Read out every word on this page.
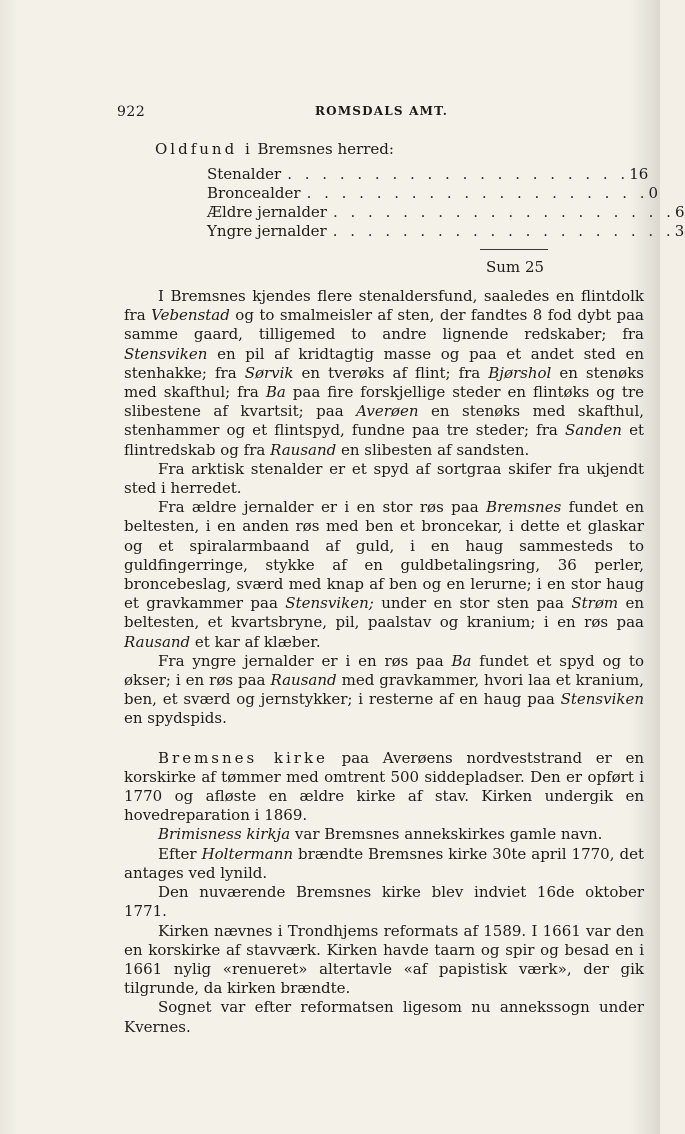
922	ROMSDALS AMT.
Oldfund i Bremsnes herred:
Stenalder . . . . . . . . . . . . . . . . . . . . 16
Broncealder . . . . . . . . . . . . . . . . . . . . 0
Ældre jernalder . . . . . . . . . . . . . . . . . . . . 6
Yngre jernalder . . . . . . . . . . . . . . . . . . . . 3
Sum 25

I Bremsnes kjendes flere stenaldersfund, saaledes en flintdolk fra Vebenstad og to smalmeisler af sten, der fandtes 8 fod dybt paa samme gaard, tilligemed to andre lignende redskaber; fra Stensviken en pil af kridtagtig masse og paa et andet sted en stenhakke; fra Sørvik en tverøks af flint; fra Bjørshol en stenøks med skafthul; fra Ba paa fire forskjellige steder en flintøks og tre slibestene af kvartsit; paa Averøen en stenøks med skafthul, stenhammer og et flintspyd, fundne paa tre steder; fra Sanden et flintredskab og fra Rausand en slibesten af sandsten.

Fra arktisk stenalder er et spyd af sortgraa skifer fra ukjendt sted i herredet.

Fra ældre jernalder er i en stor røs paa Bremsnes fundet en beltesten, i en anden røs med ben et broncekar, i dette et glaskar og et spiralarmbaand af guld, i en haug sammesteds to guldfingerringe, stykke af en guldbetalingsring, 36 perler, broncebeslag, sværd med knap af ben og en lerurne; i en stor haug et gravkammer paa Stensviken; under en stor sten paa Strøm en beltesten, et kvartsbryne, pil, paalstav og kranium; i en røs paa Rausand et kar af klæber.

Fra yngre jernalder er i en røs paa Ba fundet et spyd og to økser; i en røs paa Rausand med gravkammer, hvori laa et kranium, ben, et sværd og jernstykker; i resterne af en haug paa Stensviken en spydspids.

Bremsnes kirke paa Averøens nordveststrand er en korskirke af tømmer med omtrent 500 siddepladser. Den er opført i 1770 og afløste en ældre kirke af stav. Kirken undergik en hovedreparation i 1869.

Brimisness kirkja var Bremsnes annekskirkes gamle navn.

Efter Holtermann brændte Bremsnes kirke 30te april 1770, det antages ved lynild.

Den nuværende Bremsnes kirke blev indviet 16de oktober 1771.

Kirken nævnes i Trondhjems reformats af 1589. I 1661 var den en korskirke af stavværk. Kirken havde taarn og spir og besad en i 1661 nylig «renueret» altertavle «af papistisk værk», der gik tilgrunde, da kirken brændte.

Sognet var efter reformatsen ligesom nu annekssogn under Kvernes.
